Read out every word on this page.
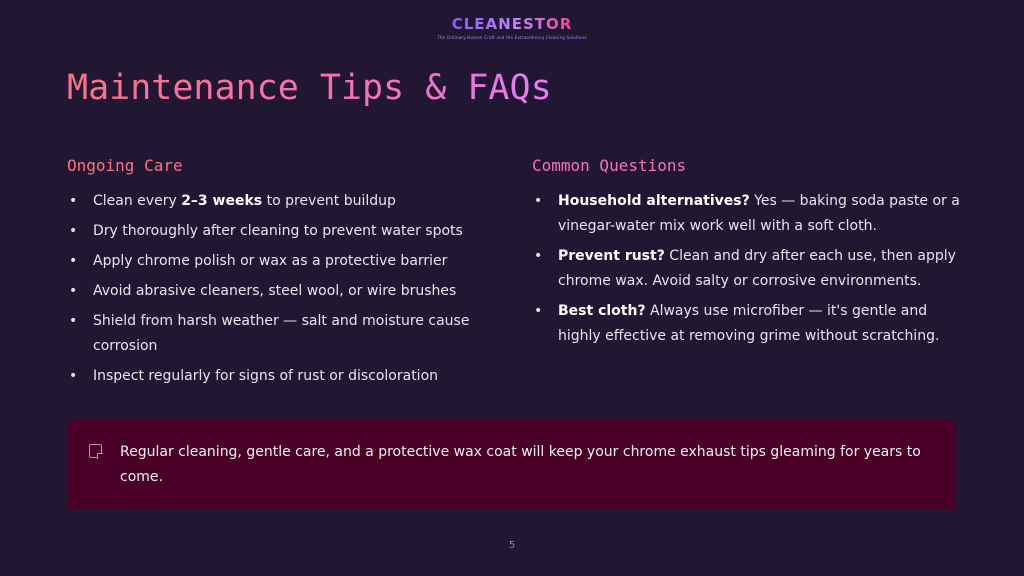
CLEANESTOR
The Ordinary Human Craft and the Extraordinary Cleaning Solutions
Maintenance Tips & FAQs
Ongoing Care
• Clean every 2–3 weeks to prevent buildup
• Dry thoroughly after cleaning to prevent water spots
• Apply chrome polish or wax as a protective barrier
• Avoid abrasive cleaners, steel wool, or wire brushes
• Shield from harsh weather — salt and moisture cause corrosion
• Inspect regularly for signs of rust or discoloration
Common Questions
• Household alternatives? Yes — baking soda paste or a vinegar-water mix work well with a soft cloth.
• Prevent rust? Clean and dry after each use, then apply chrome wax. Avoid salty or corrosive environments.
• Best cloth? Always use microfiber — it's gentle and highly effective at removing grime without scratching.
Regular cleaning, gentle care, and a protective wax coat will keep your chrome exhaust tips gleaming for years to come.
5
